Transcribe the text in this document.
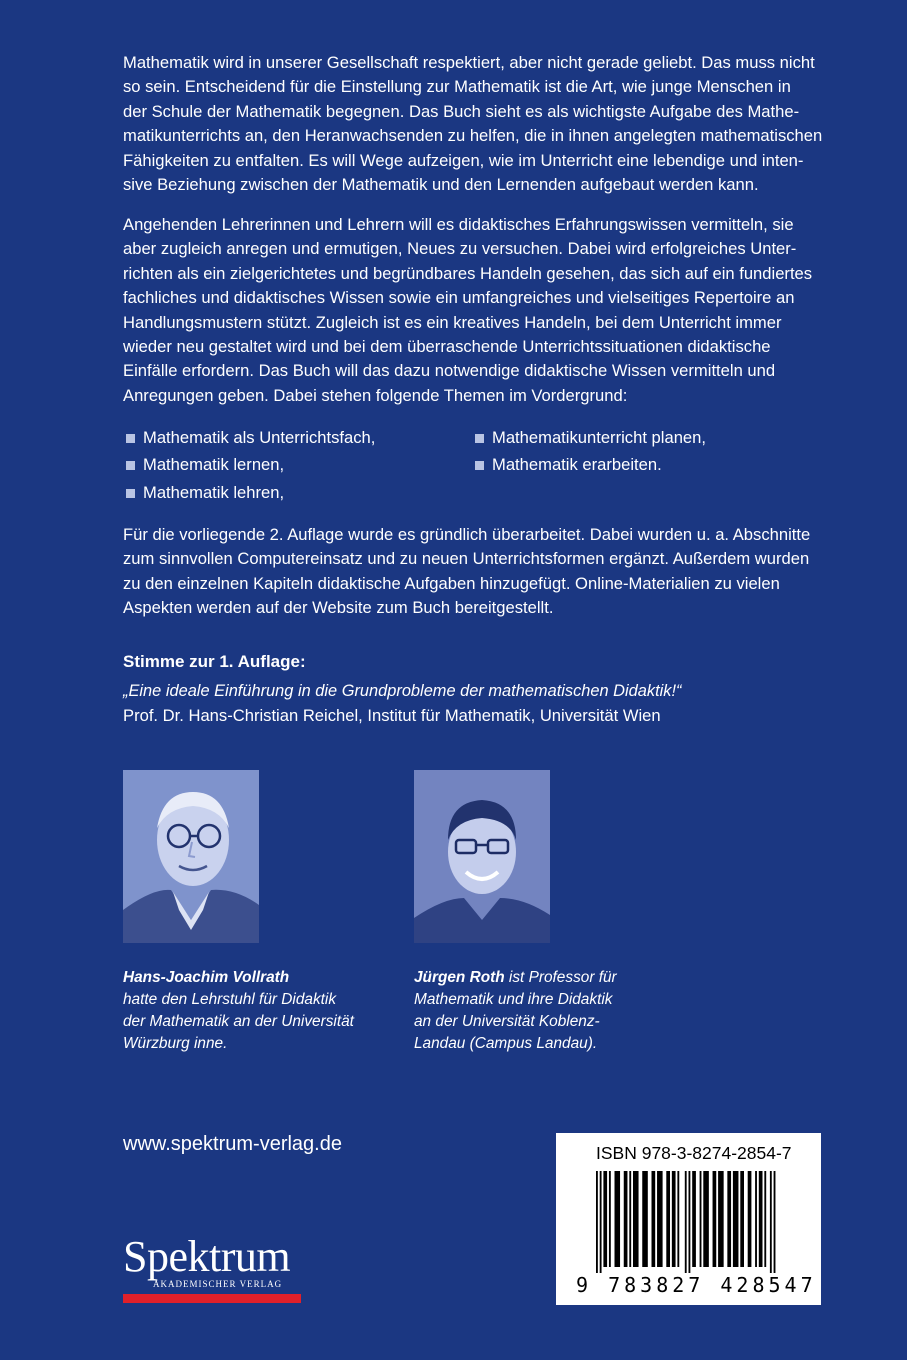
Mathematik wird in unserer Gesellschaft respektiert, aber nicht gerade geliebt. Das muss nicht
so sein. Entscheidend für die Einstellung zur Mathematik ist die Art, wie junge Menschen in
der Schule der Mathematik begegnen. Das Buch sieht es als wichtigste Aufgabe des Mathe-
matikunterrichts an, den Heranwachsenden zu helfen, die in ihnen angelegten mathematischen
Fähigkeiten zu entfalten. Es will Wege aufzeigen, wie im Unterricht eine lebendige und inten-
sive Beziehung zwischen der Mathematik und den Lernenden aufgebaut werden kann.

Angehenden Lehrerinnen und Lehrern will es didaktisches Erfahrungswissen vermitteln, sie
aber zugleich anregen und ermutigen, Neues zu versuchen. Dabei wird erfolgreiches Unter-
richten als ein zielgerichtetes und begründbares Handeln gesehen, das sich auf ein fundiertes
fachliches und didaktisches Wissen sowie ein umfangreiches und vielseitiges Repertoire an
Handlungsmustern stützt. Zugleich ist es ein kreatives Handeln, bei dem Unterricht immer
wieder neu gestaltet wird und bei dem überraschende Unterrichtssituationen didaktische
Einfälle erfordern. Das Buch will das dazu notwendige didaktische Wissen vermitteln und
Anregungen geben. Dabei stehen folgende Themen im Vordergrund:

Mathematik als Unterrichtsfach,
Mathematik lernen,
Mathematik lehren,
Mathematikunterricht planen,
Mathematik erarbeiten.

Für die vorliegende 2. Auflage wurde es gründlich überarbeitet. Dabei wurden u. a. Abschnitte
zum sinnvollen Computereinsatz und zu neuen Unterrichtsformen ergänzt. Außerdem wurden
zu den einzelnen Kapiteln didaktische Aufgaben hinzugefügt. Online-Materialien zu vielen
Aspekten werden auf der Website zum Buch bereitgestellt.

Stimme zur 1. Auflage:
„Eine ideale Einführung in die Grundprobleme der mathematischen Didaktik!“
Prof. Dr. Hans-Christian Reichel, Institut für Mathematik, Universität Wien
Hans-Joachim Vollrath
hatte den Lehrstuhl für Didaktik
der Mathematik an der Universität
Würzburg inne.
Jürgen Roth ist Professor für
Mathematik und ihre Didaktik
an der Universität Koblenz-
Landau (Campus Landau).
www.spektrum-verlag.de
Spektrum
AKADEMISCHER VERLAG
ISBN 978-3-8274-2854-7
9 783827 428547
